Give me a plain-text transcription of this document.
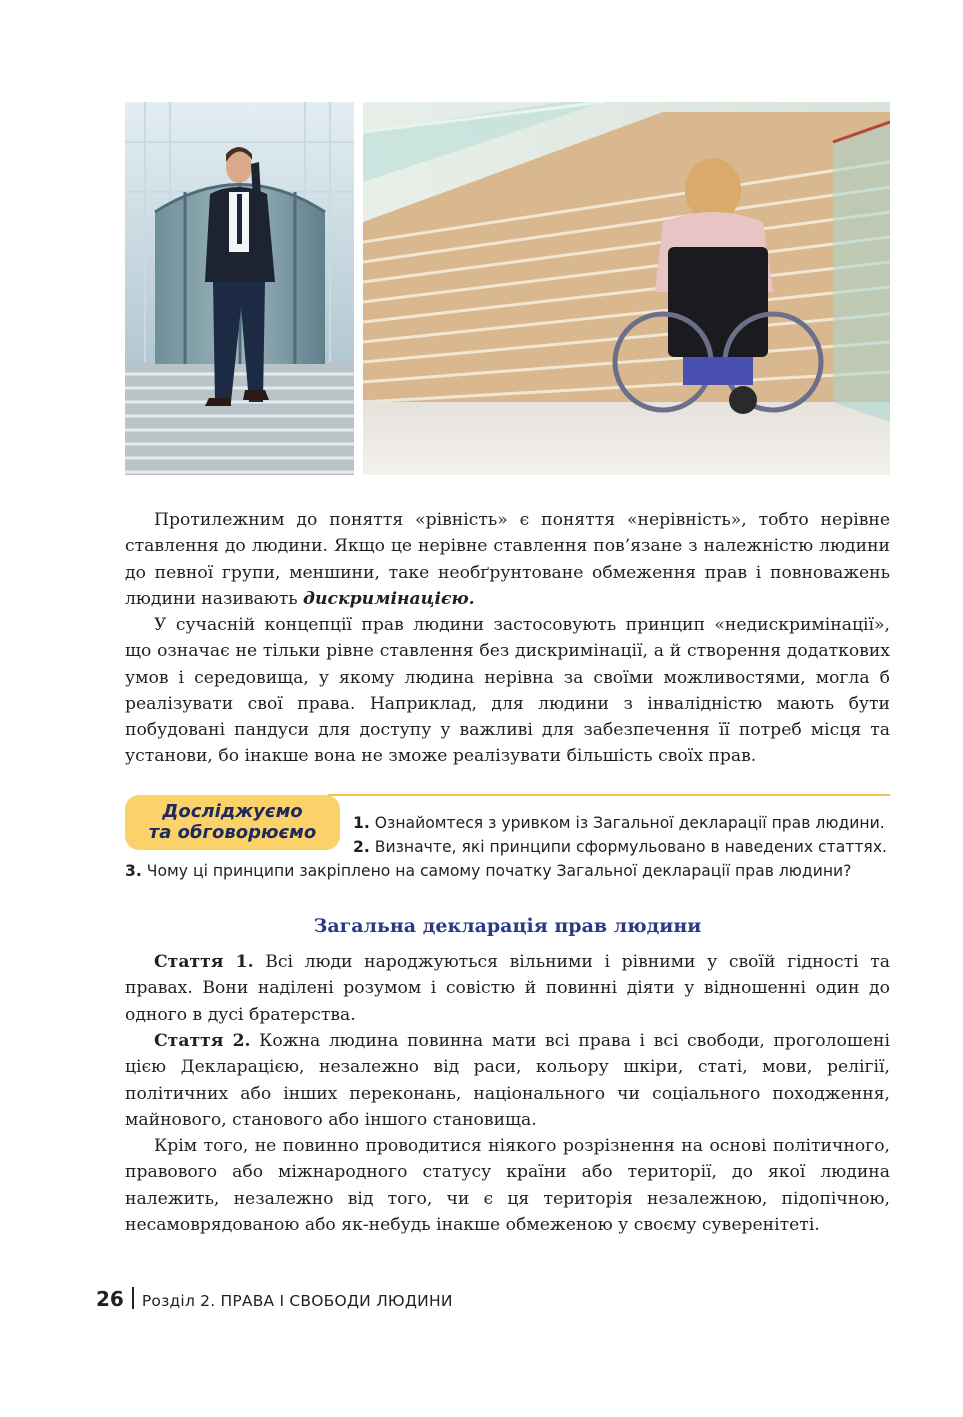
Протилежним до поняття «рівність» є поняття «нерівність», тобто нерівне ставлення до людини. Якщо це нерівне ставлення пов’язане з належністю людини до певної групи, меншини, таке необґрунтоване обмеження прав і повноважень людини називають дискримінацією.

У сучасній концепції прав людини застосовують принцип «недискримінації», що означає не тільки рівне ставлення без дискримінації, а й створення додаткових умов і середовища, у якому людина нерівна за своїми можливостями, могла б реалізувати свої права. Наприклад, для людини з інвалідністю мають бути побудовані пандуси для доступу у важливі для забезпечення її потреб місця та установи, бо інакше вона не зможе реалізувати більшість своїх прав.

Досліджуємо
та обговорюємо	1. Ознайомтеся з уривком із Загальної декларації прав людини.
2. Визначте, які принципи сформульовано в наведених статтях.
3. Чому ці принципи закріплено на самому початку Загальної декларації прав людини?
Загальна декларація прав людини

Стаття 1. Всі люди народжуються вільними і рівними у своїй гідності та правах. Вони наділені розумом і совістю й повинні діяти у відношенні один до одного в дусі братерства.

Стаття 2. Кожна людина повинна мати всі права і всі свободи, проголошені цією Декларацією, незалежно від раси, кольору шкіри, статі, мови, релігії, політичних або інших переконань, національного чи соціального походження, майнового, станового або іншого становища.

Крім того, не повинно проводитися ніякого розрізнення на основі політичного, правового або міжнародного статусу країни або території, до якої людина належить, незалежно від того, чи є ця територія незалежною, підопічною, несамоврядованою або як-небудь інакше обмеженою у своєму суверенітеті.

26 Розділ 2. ПРАВА І СВОБОДИ ЛЮДИНИ
